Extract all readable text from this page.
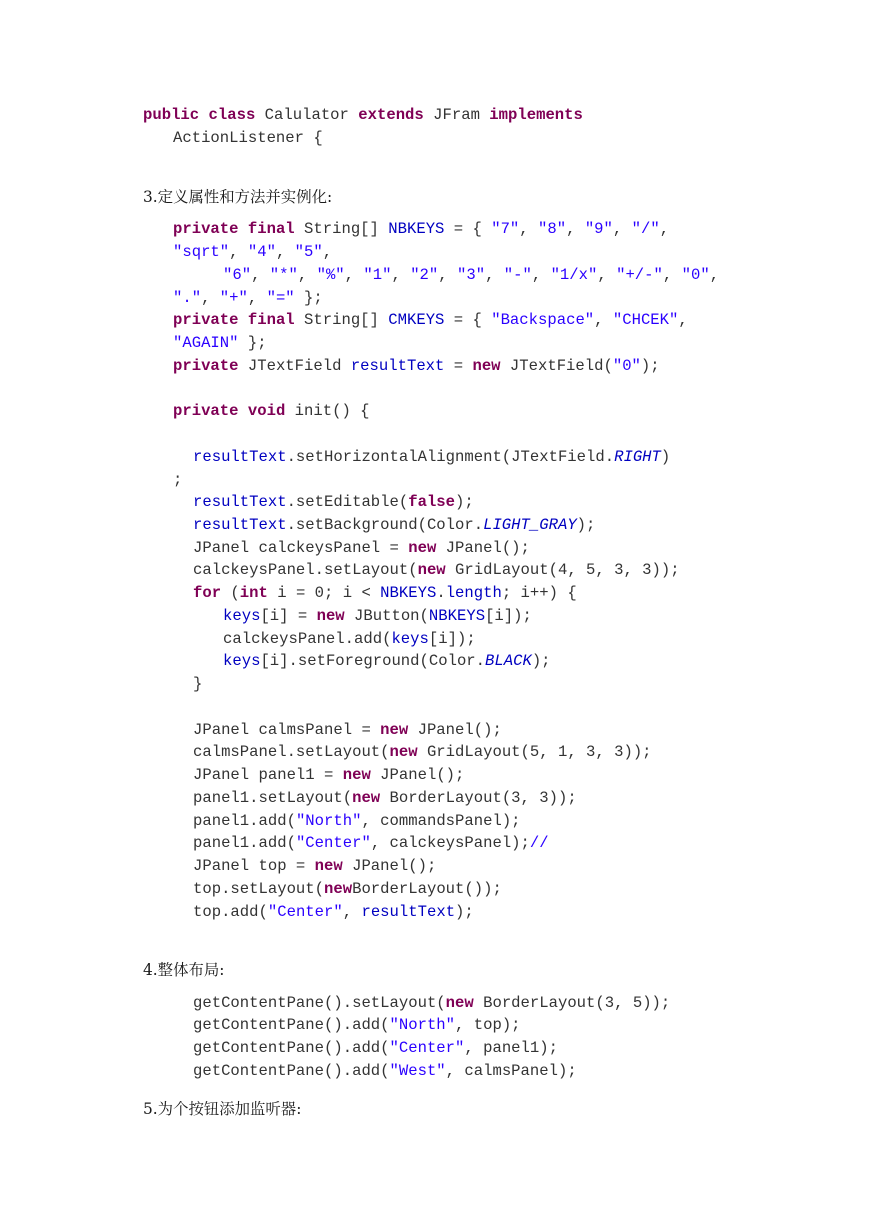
public class Calulator extends JFram implements
ActionListener {
3.定义属性和方法并实例化:
private final String[] NBKEYS = { "7", "8", "9", "/",
"sqrt", "4", "5",
"6", "*", "%", "1", "2", "3", "-", "1/x", "+/-", "0",
".", "+", "=" };
private final String[] CMKEYS = { "Backspace", "CHCEK",
"AGAIN" };
private JTextField resultText = new JTextField("0");
private void init() {
resultText.setHorizontalAlignment(JTextField.RIGHT)
;
resultText.setEditable(false);
resultText.setBackground(Color.LIGHT_GRAY);
JPanel calckeysPanel = new JPanel();
calckeysPanel.setLayout(new GridLayout(4, 5, 3, 3));
for (int i = 0; i < NBKEYS.length; i++) {
keys[i] = new JButton(NBKEYS[i]);
calckeysPanel.add(keys[i]);
keys[i].setForeground(Color.BLACK);
}
JPanel calmsPanel = new JPanel();
calmsPanel.setLayout(new GridLayout(5, 1, 3, 3));
JPanel panel1 = new JPanel();
panel1.setLayout(new BorderLayout(3, 3));
panel1.add("North", commandsPanel);
panel1.add("Center", calckeysPanel);//
JPanel top = new JPanel();
top.setLayout(newBorderLayout());
top.add("Center", resultText);
4.整体布局:
getContentPane().setLayout(new BorderLayout(3, 5));
getContentPane().add("North", top);
getContentPane().add("Center", panel1);
getContentPane().add("West", calmsPanel);
5.为个按钮添加监听器:
